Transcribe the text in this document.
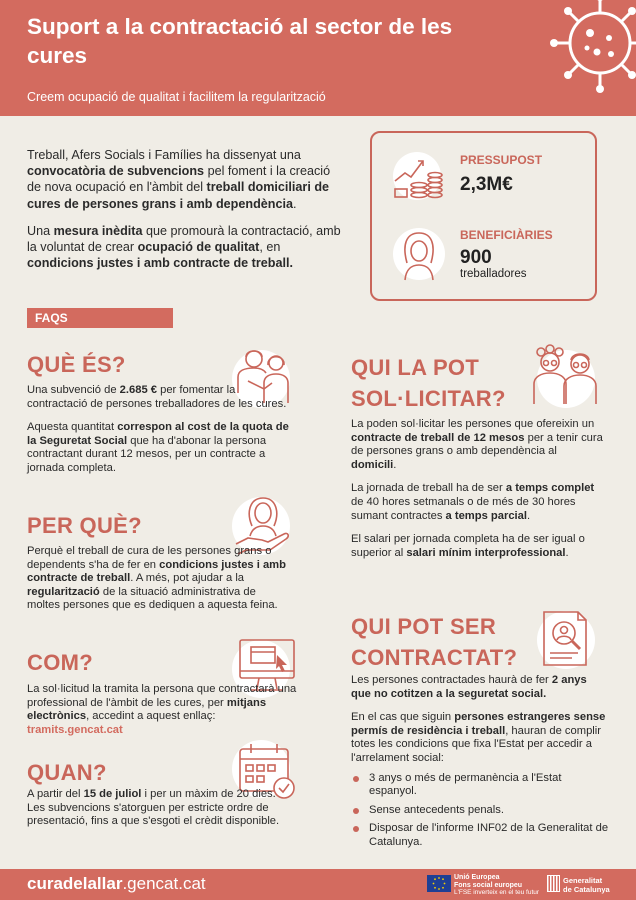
Suport a la contractació al sector de les cures
Creem ocupació de qualitat i facilitem la regularització

Treball, Afers Socials i Famílies ha dissenyat una convocatòria de subvencions pel foment i la creació de nova ocupació en l'àmbit del treball domiciliari de cures de persones grans i amb dependència.

Una mesura inèdita que promourà la contractació, amb la voluntat de crear ocupació de qualitat, en condicions justes i amb contracte de treball.

PRESSUPOST
2,3M€
BENEFICIÀRIES
900
treballadores
FAQS
QUÈ ÉS?

Una subvenció de 2.685 € per fomentar la contractació de persones treballadores de les cures.

Aquesta quantitat correspon al cost de la quota de la Seguretat Social que ha d'abonar la persona contractant durant 12 mesos, per un contracte a jornada completa.

PER QUÈ?

Perquè el treball de cura de les persones grans o dependents s'ha de fer en condicions justes i amb contracte de treball. A més, pot ajudar a la regularització de la situació administrativa de moltes persones que es dediquen a aquesta feina.

COM?

La sol·licitud la tramita la persona que contractarà una professional de l'àmbit de les cures, per mitjans electrònics, accedint a aquest enllaç: tramits.gencat.cat

QUAN?

A partir del 15 de juliol i per un màxim de 20 dies. Les subvencions s'atorguen per estricte ordre de presentació, fins a que s'esgoti el crèdit disponible.

QUI LA POT
SOL·LICITAR?

La poden sol·licitar les persones que ofereixin un contracte de treball de 12 mesos per a tenir cura de persones grans o amb dependència al domicili.

La jornada de treball ha de ser a temps complet de 40 hores setmanals o de més de 30 hores sumant contractes a temps parcial.

El salari per jornada completa ha de ser igual o superior al salari mínim interprofessional.

QUI POT SER
CONTRACTAT?

Les persones contractades haurà de fer 2 anys que no cotitzen a la seguretat social.

En el cas que siguin persones estrangeres sense permís de residència i treball, hauran de complir totes les condicions que fixa l'Estat per accedir a l'arrelament social:

3 anys o més de permanència a l'Estat espanyol.
Sense antecedents penals.
Disposar de l'informe INF02 de la Generalitat de Catalunya.
curadelallar.gencat.cat	Unió Europea
Fons social europeu
L'FSE inverteix en el teu futur
Generalitat
de Catalunya
